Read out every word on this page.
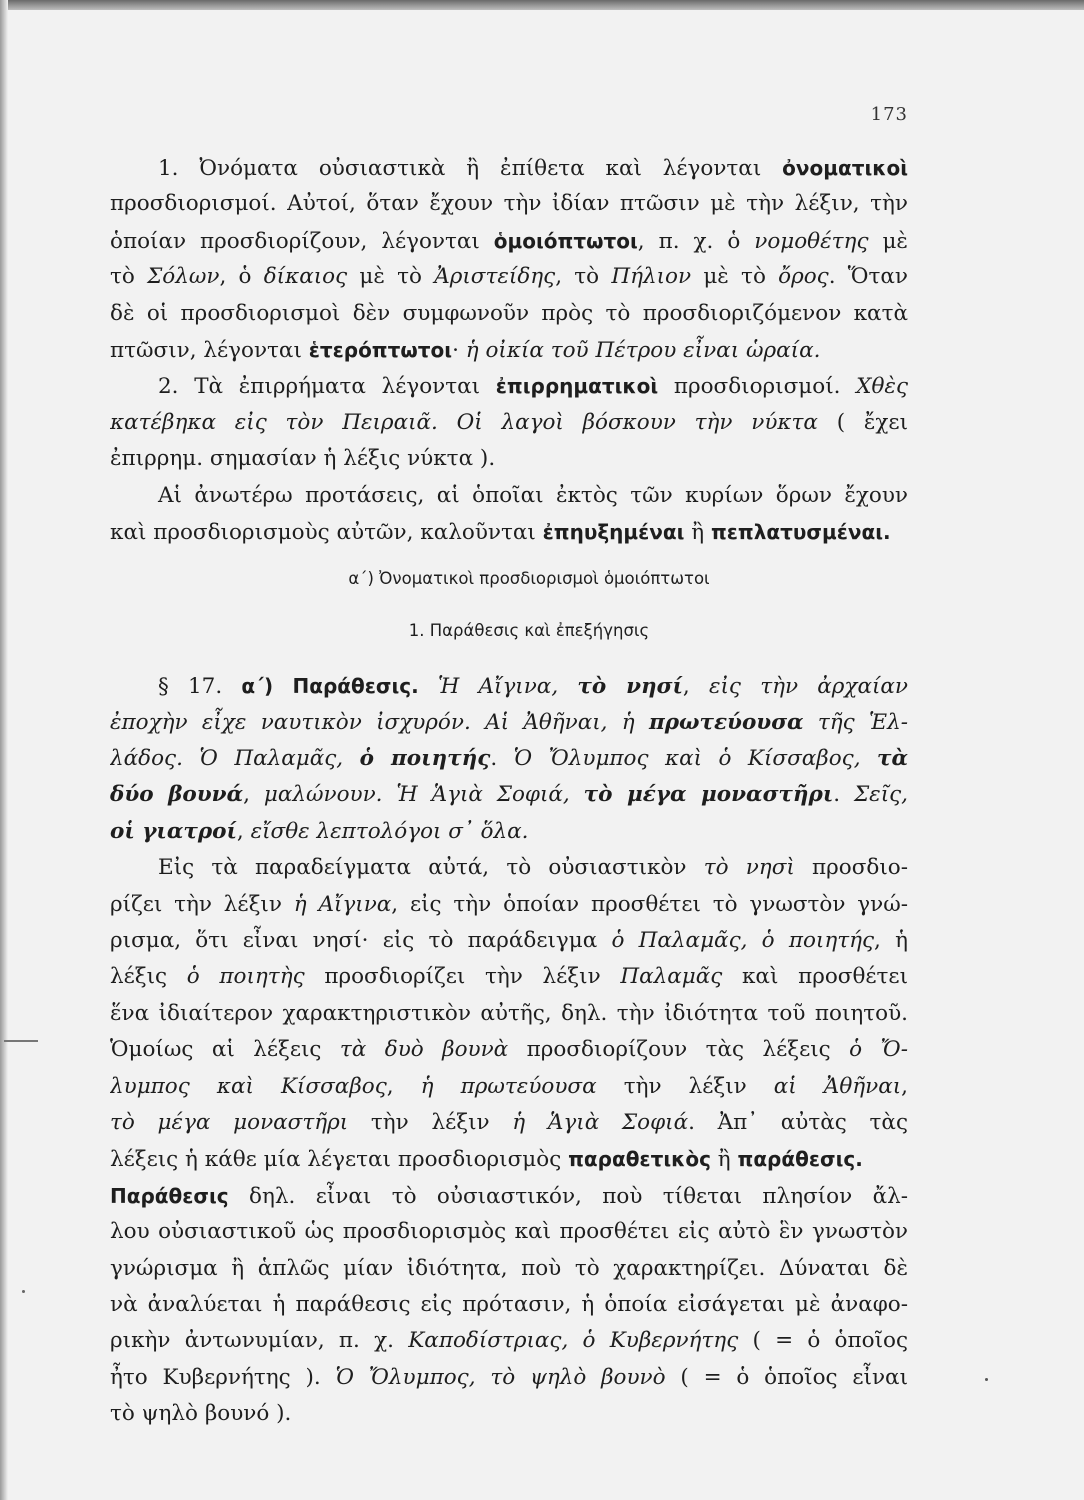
173
1. Ὀνόματα οὐσιαστικὰ ἢ ἐπίθετα καὶ λέγονται ὀνοματικοὶ
προσδιορισμοί. Αὐτοί, ὅταν ἔχουν τὴν ἰδίαν πτῶσιν μὲ τὴν λέξιν, τὴν
ὁποίαν προσδιορίζουν, λέγονται ὁμοιόπτωτοι, π. χ. ὁ νομοθέτης μὲ
τὸ Σόλων, ὁ δίκαιος μὲ τὸ Ἀριστείδης, τὸ Πήλιον μὲ τὸ ὄρος. Ὅταν
δὲ οἱ προσδιορισμοὶ δὲν συμφωνοῦν πρὸς τὸ προσδιοριζόμενον κατὰ
πτῶσιν, λέγονται ἑτερόπτωτοι· ἡ οἰκία τοῦ Πέτρου εἶναι ὡραία.
2. Τὰ ἐπιρρήματα λέγονται ἐπιρρηματικοὶ προσδιορισμοί. Χθὲς
κατέβηκα εἰς τὸν Πειραιᾶ. Οἱ λαγοὶ βόσκουν τὴν νύκτα ( ἔχει
ἐπιρρημ. σημασίαν ἡ λέξις νύκτα ).
Αἱ ἀνωτέρω προτάσεις, αἱ ὁποῖαι ἐκτὸς τῶν κυρίων ὅρων ἔχουν
καὶ προσδιορισμοὺς αὐτῶν, καλοῦνται ἐπηυξημέναι ἢ πεπλατυσμέναι.
α΄) Ὀνοματικοὶ προσδιορισμοὶ ὁμοιόπτωτοι
1. Παράθεσις καὶ ἐπεξήγησις
§ 17. α΄) Παράθεσις. Ἡ Αἴγινα, τὸ νησί, εἰς τὴν ἀρχαίαν
ἐποχὴν εἶχε ναυτικὸν ἰσχυρόν. Αἱ Ἀθῆναι, ἡ πρωτεύουσα τῆς Ἑλ-
λάδος. Ὁ Παλαμᾶς, ὁ ποιητής. Ὁ Ὄλυμπος καὶ ὁ Κίσσαβος, τὰ
δύο βουνά, μαλώνουν. Ἡ Ἁγιὰ Σοφιά, τὸ μέγα μοναστῆρι. Σεῖς,
οἱ γιατροί, εἴσθε λεπτολόγοι σ᾽ ὅλα.
Εἰς τὰ παραδείγματα αὐτά, τὸ οὐσιαστικὸν τὸ νησὶ προσδιο-
ρίζει τὴν λέξιν ἡ Αἴγινα, εἰς τὴν ὁποίαν προσθέτει τὸ γνωστὸν γνώ-
ρισμα, ὅτι εἶναι νησί· εἰς τὸ παράδειγμα ὁ Παλαμᾶς, ὁ ποιητής, ἡ
λέξις ὁ ποιητὴς προσδιορίζει τὴν λέξιν Παλαμᾶς καὶ προσθέτει
ἕνα ἰδιαίτερον χαρακτηριστικὸν αὐτῆς, δηλ. τὴν ἰδιότητα τοῦ ποιητοῦ.
Ὁμοίως αἱ λέξεις τὰ δυὸ βουνὰ προσδιορίζουν τὰς λέξεις ὁ Ὄ-
λυμπος καὶ Κίσσαβος, ἡ πρωτεύουσα τὴν λέξιν αἱ Ἀθῆναι,
τὸ μέγα μοναστῆρι τὴν λέξιν ἡ Ἁγιὰ Σοφιά. Ἀπ᾽ αὐτὰς τὰς
λέξεις ἡ κάθε μία λέγεται προσδιορισμὸς παραθετικὸς ἢ παράθεσις.
Παράθεσις δηλ. εἶναι τὸ οὐσιαστικόν, ποὺ τίθεται πλησίον ἄλ-
λου οὐσιαστικοῦ ὡς προσδιορισμὸς καὶ προσθέτει εἰς αὐτὸ ἓν γνωστὸν
γνώρισμα ἢ ἁπλῶς μίαν ἰδιότητα, ποὺ τὸ χαρακτηρίζει. Δύναται δὲ
νὰ ἀναλύεται ἡ παράθεσις εἰς πρότασιν, ἡ ὁποία εἰσάγεται μὲ ἀναφο-
ρικὴν ἀντωνυμίαν, π. χ. Καποδίστριας, ὁ Κυβερνήτης ( = ὁ ὁποῖος
ἦτο Κυβερνήτης ). Ὁ Ὄλυμπος, τὸ ψηλὸ βουνὸ ( = ὁ ὁποῖος εἶναι
τὸ ψηλὸ βουνό ).
